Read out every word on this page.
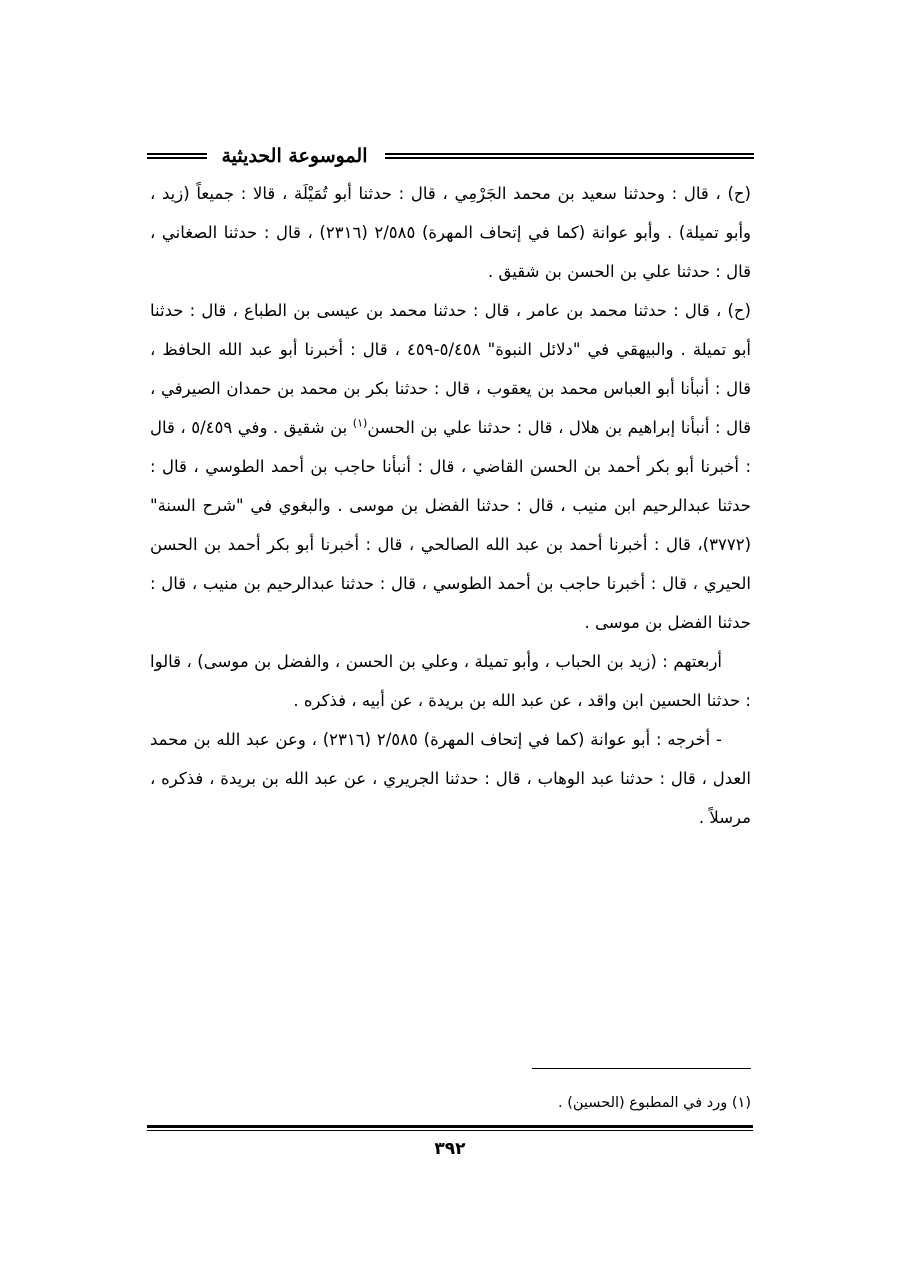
الموسوعة الحديثية

(ح) ، قال : وحدثنا سعيد بن محمد الجَرْمِي ، قال : حدثنا أبو تُمَيْلَة ، قالا : جميعاً (زيد ، وأبو تميلة) . وأبو عوانة (كما في إتحاف المهرة) ٢/٥٨٥ (٢٣١٦) ، قال : حدثنا الصغاني ، قال : حدثنا علي بن الحسن بن شقيق .

(ح) ، قال : حدثنا محمد بن عامر ، قال : حدثنا محمد بن عيسى بن الطباع ، قال : حدثنا أبو تميلة . والبيهقي في "دلائل النبوة" ٥/٤٥٨-٤٥٩ ، قال : أخبرنا أبو عبد الله الحافظ ، قال : أنبأنا أبو العباس محمد بن يعقوب ، قال : حدثنا بكر بن محمد بن حمدان الصيرفي ، قال : أنبأنا إبراهيم بن هلال ، قال : حدثنا علي بن الحسن$^{(١)}$ بن شقيق . وفي ٥/٤٥٩ ، قال : أخبرنا أبو بكر أحمد بن الحسن القاضي ، قال : أنبأنا حاجب بن أحمد الطوسي ، قال : حدثنا عبدالرحيم ابن منيب ، قال : حدثنا الفضل بن موسى . والبغوي في "شرح السنة" (٣٧٧٢)، قال : أخبرنا أحمد بن عبد الله الصالحي ، قال : أخبرنا أبو بكر أحمد بن الحسن الحيري ، قال : أخبرنا حاجب بن أحمد الطوسي ، قال : حدثنا عبدالرحيم بن منيب ، قال : حدثنا الفضل بن موسى .

أربعتهم : (زيد بن الحباب ، وأبو تميلة ، وعلي بن الحسن ، والفضل بن موسى) ، قالوا : حدثنا الحسين ابن واقد ، عن عبد الله بن بريدة ، عن أبيه ، فذكره .

- أخرجه : أبو عوانة (كما في إتحاف المهرة) ٢/٥٨٥ (٢٣١٦) ، وعن عبد الله بن محمد العدل ، قال : حدثنا عبد الوهاب ، قال : حدثنا الجريري ، عن عبد الله بن بريدة ، فذكره ، مرسلاً .

(١) ورد في المطبوع (الحسين) .
٣٩٢
